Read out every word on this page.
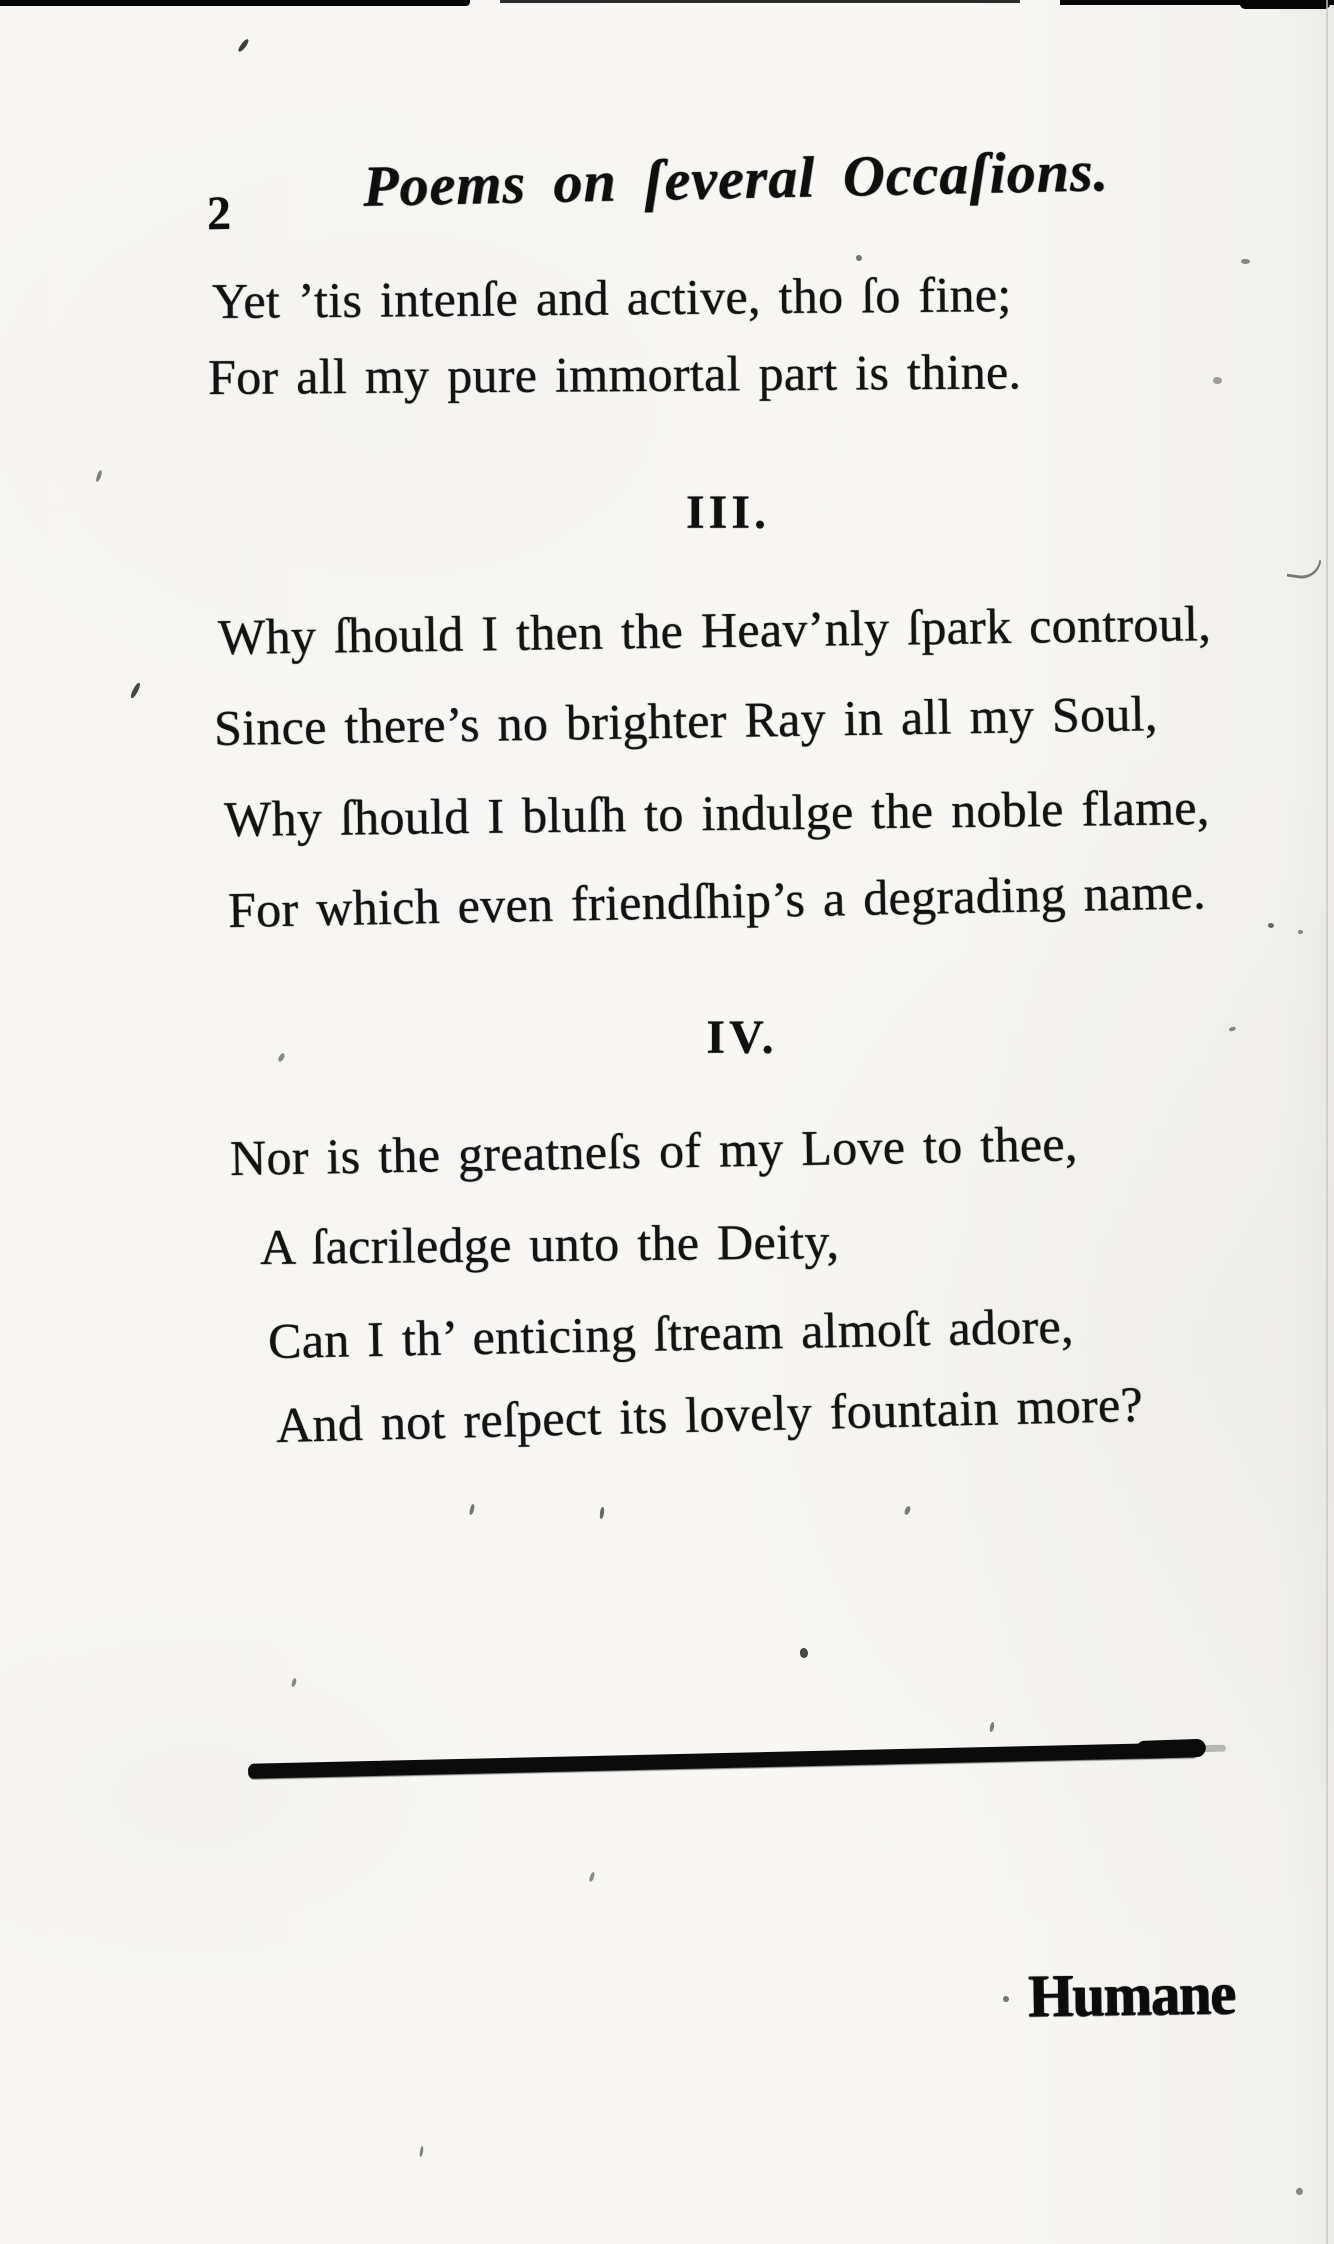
2 Poems on ſeveral Occaſions.
Yet ’tis intenſe and active, tho ſo fine;
For all my pure immortal part is thine.
III.
Why ſhould I then the Heav’nly ſpark controul,
Since there’s no brighter Ray in all my Soul,
Why ſhould I bluſh to indulge the noble flame,
For which even friendſhip’s a degrading name.
IV.
Nor is the greatneſs of my Love to thee,
A ſacriledge unto the Deity,
Can I th’ enticing ſtream almoſt adore,
And not reſpect its lovely fountain more?
Humane
